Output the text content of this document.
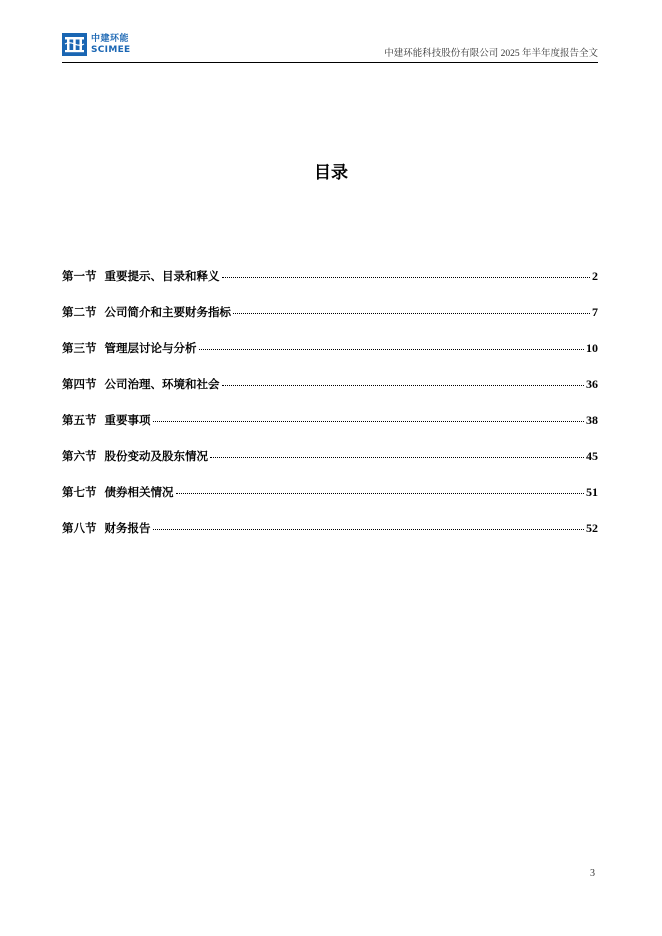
中建环能
SCIMEE	中建环能科技股份有限公司 2025 年半年度报告全文
目录
第一节 重要提示、目录和释义	2
第二节 公司简介和主要财务指标	7
第三节 管理层讨论与分析	10
第四节 公司治理、环境和社会	36
第五节 重要事项	38
第六节 股份变动及股东情况	45
第七节 债券相关情况	51
第八节 财务报告	52
3
